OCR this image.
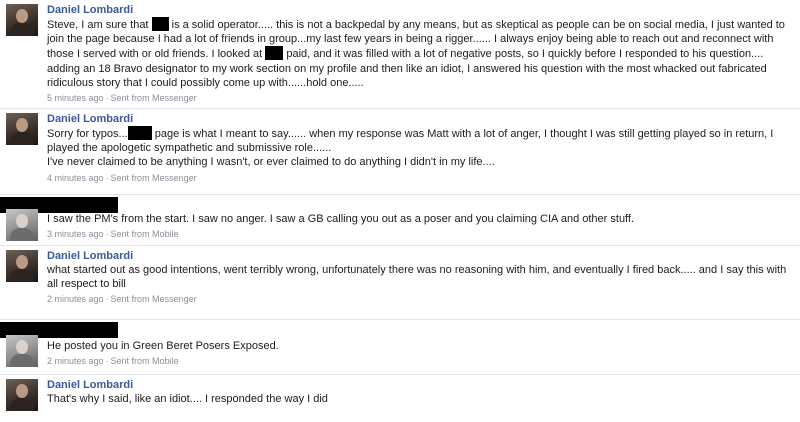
Daniel Lombardi
Steve, I am sure that  is a solid operator..... this is not a backpedal by any means, but as skeptical as people can be on social media, I just wanted to join the page because I had a lot of friends in group...my last few years in being a rigger...... I always enjoy being able to reach out and reconnect with those I served with or old friends. I looked at  paid, and it was filled with a lot of negative posts, so I quickly before I responded to his question.... adding an 18 Bravo designator to my work section on my profile and then like an idiot, I answered his question with the most whacked out fabricated ridiculous story that I could possibly come up with......hold one.....
5 minutes ago · Sent from Messenger
Daniel Lombardi
Sorry for typos... page is what I meant to say...... when my response was Matt with a lot of anger, I thought I was still getting played so in return, I played the apologetic sympathetic and submissive role......
I've never claimed to be anything I wasn't, or ever claimed to do anything I didn't in my life....
4 minutes ago · Sent from Messenger
I saw the PM's from the start. I saw no anger. I saw a GB calling you out as a poser and you claiming CIA and other stuff.
3 minutes ago · Sent from Mobile
Daniel Lombardi
what started out as good intentions, went terribly wrong, unfortunately there was no reasoning with him, and eventually I fired back..... and I say this with all respect to bill
2 minutes ago · Sent from Messenger
He posted you in Green Beret Posers Exposed.
2 minutes ago · Sent from Mobile
Daniel Lombardi
That's why I said, like an idiot.... I responded the way I did
